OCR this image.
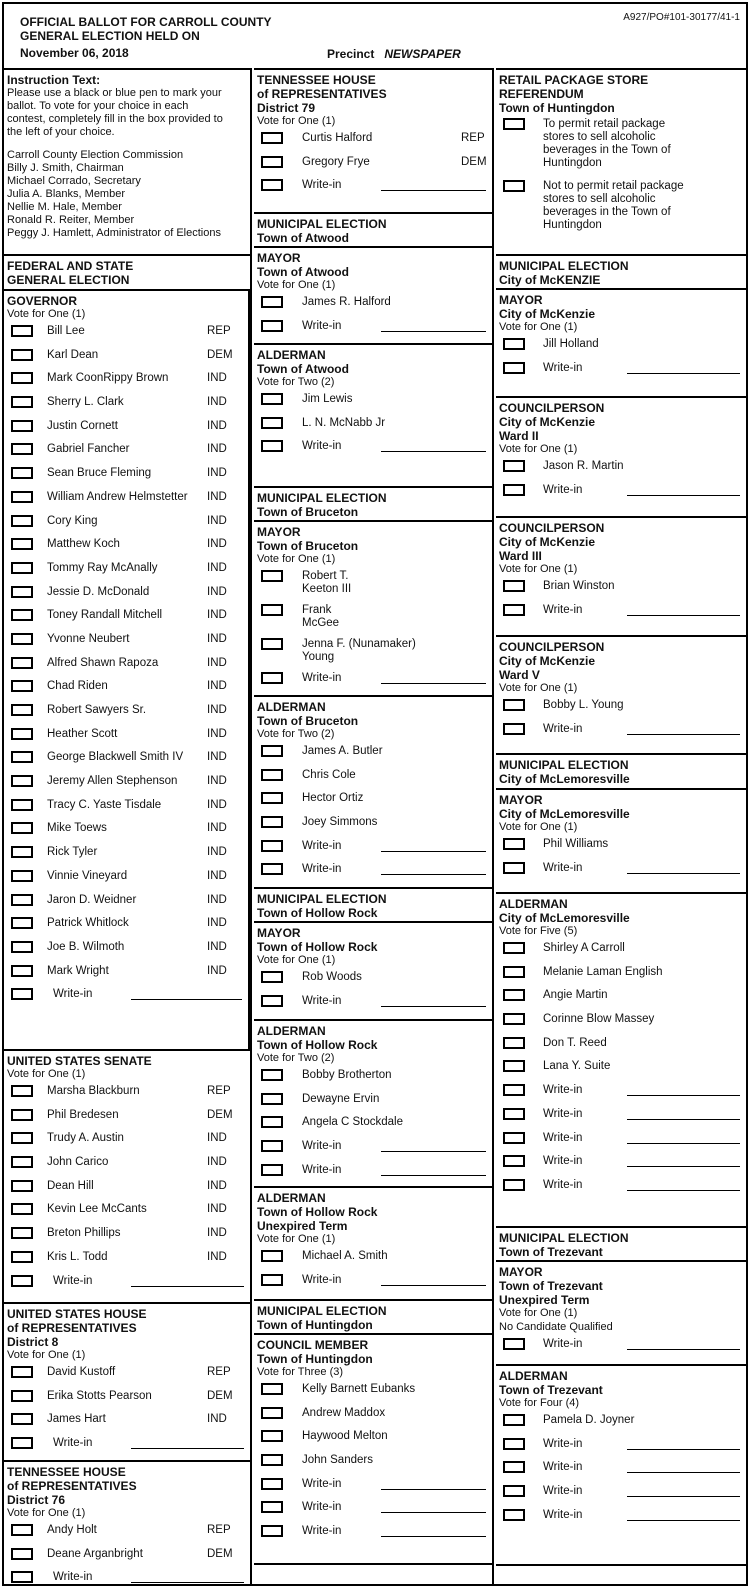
OFFICIAL BALLOT FOR CARROLL COUNTY
GENERAL ELECTION HELD ON
November 06, 2018	Precinct NEWSPAPER
A927/PO#101-30177/41-1
Instruction Text:
Please use a black or blue pen to mark your
ballot. To vote for your choice in each
contest, completely fill in the box provided to
the left of your choice.
Carroll County Election Commission
Billy J. Smith, Chairman
Michael Corrado, Secretary
Julia A. Blanks, Member
Nellie M. Hale, Member
Ronald R. Reiter, Member
Peggy J. Hamlett, Administrator of Elections
FEDERAL AND STATE
GENERAL ELECTION
GOVERNOR
Vote for One (1)
Bill Lee	REP
Karl Dean	DEM
Mark CoonRippy Brown	IND
Sherry L. Clark	IND
Justin Cornett	IND
Gabriel Fancher	IND
Sean Bruce Fleming	IND
William Andrew Helmstetter IND
Cory King	IND
Matthew Koch	IND
Tommy Ray McAnally	IND
Jessie D. McDonald	IND
Toney Randall Mitchell	IND
Yvonne Neubert	IND
Alfred Shawn Rapoza	IND
Chad Riden	IND
Robert Sawyers Sr.	IND
Heather Scott	IND
George Blackwell Smith IV IND
Jeremy Allen Stephenson	IND
Tracy C. Yaste Tisdale	IND
Mike Toews	IND
Rick Tyler	IND
Vinnie Vineyard	IND
Jaron D. Weidner	IND
Patrick Whitlock	IND
Joe B. Wilmoth	IND
Mark Wright	IND
Write-in
UNITED STATES SENATE
Vote for One (1)
Marsha Blackburn	REP
Phil Bredesen	DEM
Trudy A. Austin	IND
John Carico	IND
Dean Hill	IND
Kevin Lee McCants	IND
Breton Phillips	IND
Kris L. Todd	IND
Write-in
UNITED STATES HOUSE
of REPRESENTATIVES
District 8
Vote for One (1)
David Kustoff	REP
Erika Stotts Pearson	DEM
James Hart	IND
Write-in
TENNESSEE HOUSE
of REPRESENTATIVES
District 76
Vote for One (1)
Andy Holt	REP
Deane Arganbright	DEM
Write-in
TENNESSEE HOUSE
of REPRESENTATIVES
District 79
Vote for One (1)
Curtis Halford	REP
Gregory Frye	DEM
Write-in
MUNICIPAL ELECTION
Town of Atwood
MAYOR
Town of Atwood
Vote for One (1)
James R. Halford
Write-in
ALDERMAN
Town of Atwood
Vote for Two (2)
Jim Lewis
L. N. McNabb Jr
Write-in
MUNICIPAL ELECTION
Town of Bruceton
MAYOR
Town of Bruceton
Vote for One (1)
Robert T.
Keeton III
Frank
McGee
Jenna F. (Nunamaker)
Young
Write-in
ALDERMAN
Town of Bruceton
Vote for Two (2)
James A. Butler
Chris Cole
Hector Ortiz
Joey Simmons
Write-in
Write-in
MUNICIPAL ELECTION
Town of Hollow Rock
MAYOR
Town of Hollow Rock
Vote for One (1)
Rob Woods
Write-in
ALDERMAN
Town of Hollow Rock
Vote for Two (2)
Bobby Brotherton
Dewayne Ervin
Angela C Stockdale
Write-in
Write-in
ALDERMAN
Town of Hollow Rock
Unexpired Term
Vote for One (1)
Michael A. Smith
Write-in
MUNICIPAL ELECTION
Town of Huntingdon
COUNCIL MEMBER
Town of Huntingdon
Vote for Three (3)
Kelly Barnett Eubanks
Andrew Maddox
Haywood Melton
John Sanders
Write-in
Write-in
Write-in
RETAIL PACKAGE STORE
REFERENDUM
Town of Huntingdon
To permit retail package
stores to sell alcoholic
beverages in the Town of
Huntingdon
Not to permit retail package
stores to sell alcoholic
beverages in the Town of
Huntingdon
MUNICIPAL ELECTION
City of McKENZIE
MAYOR
City of McKenzie
Vote for One (1)
Jill Holland
Write-in
COUNCILPERSON
City of McKenzie
Ward II
Vote for One (1)
Jason R. Martin
Write-in
COUNCILPERSON
City of McKenzie
Ward III
Vote for One (1)
Brian Winston
Write-in
COUNCILPERSON
City of McKenzie
Ward V
Vote for One (1)
Bobby L. Young
Write-in
MUNICIPAL ELECTION
City of McLemoresville
MAYOR
City of McLemoresville
Vote for One (1)
Phil Williams
Write-in
ALDERMAN
City of McLemoresville
Vote for Five (5)
Shirley A Carroll
Melanie Laman English
Angie Martin
Corinne Blow Massey
Don T. Reed
Lana Y. Suite
Write-in
Write-in
Write-in
Write-in
Write-in
MUNICIPAL ELECTION
Town of Trezevant
MAYOR
Town of Trezevant
Unexpired Term
Vote for One (1)
No Candidate Qualified
Write-in
ALDERMAN
Town of Trezevant
Vote for Four (4)
Pamela D. Joyner
Write-in
Write-in
Write-in
Write-in
